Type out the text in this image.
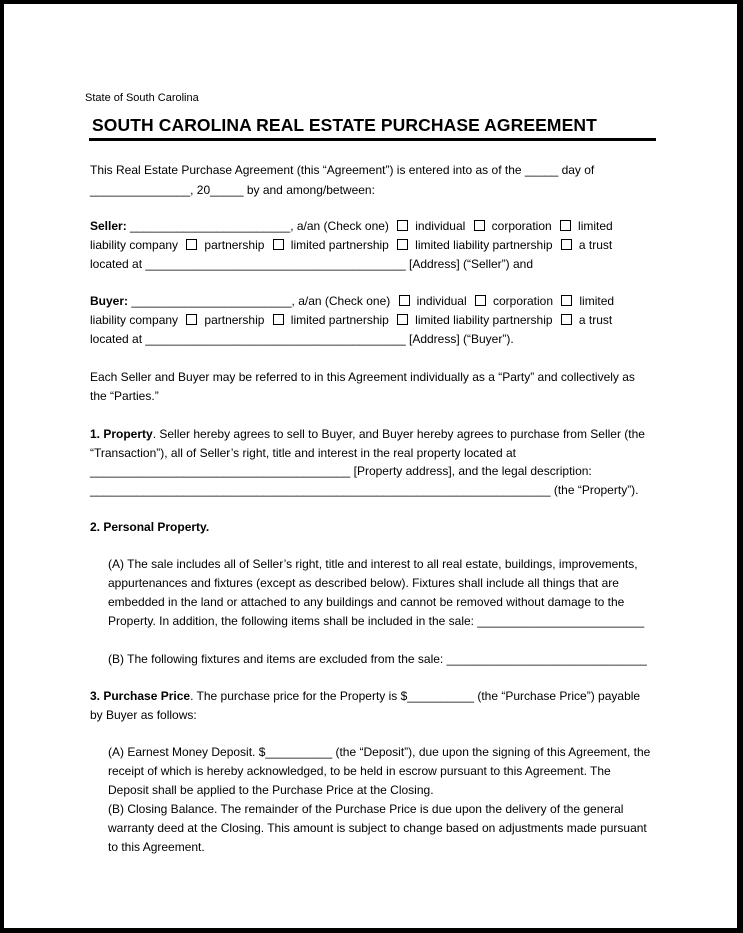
State of South Carolina
SOUTH CAROLINA REAL ESTATE PURCHASE AGREEMENT
This Real Estate Purchase Agreement (this “Agreement”) is entered into as of the _____ day of
_______________, 20_____ by and among/between:
Seller: ________________________, a/an (Check one) individual corporation limited
liability company partnership limited partnership limited liability partnership a trust
located at _______________________________________ [Address] (“Seller”) and
Buyer: ________________________, a/an (Check one) individual corporation limited
liability company partnership limited partnership limited liability partnership a trust
located at _______________________________________ [Address] (“Buyer”).
Each Seller and Buyer may be referred to in this Agreement individually as a “Party” and collectively as
the “Parties.”
1. Property. Seller hereby agrees to sell to Buyer, and Buyer hereby agrees to purchase from Seller (the
“Transaction”), all of Seller’s right, title and interest in the real property located at
_______________________________________ [Property address], and the legal description:
_____________________________________________________________________ (the “Property”).
2. Personal Property.
(A) The sale includes all of Seller’s right, title and interest to all real estate, buildings, improvements,
appurtenances and fixtures (except as described below). Fixtures shall include all things that are
embedded in the land or attached to any buildings and cannot be removed without damage to the
Property. In addition, the following items shall be included in the sale: _________________________
(B) The following fixtures and items are excluded from the sale: ______________________________
3. Purchase Price. The purchase price for the Property is $__________ (the “Purchase Price”) payable
by Buyer as follows:
(A) Earnest Money Deposit. $__________ (the “Deposit”), due upon the signing of this Agreement, the
receipt of which is hereby acknowledged, to be held in escrow pursuant to this Agreement. The
Deposit shall be applied to the Purchase Price at the Closing.
(B) Closing Balance. The remainder of the Purchase Price is due upon the delivery of the general
warranty deed at the Closing. This amount is subject to change based on adjustments made pursuant
to this Agreement.
